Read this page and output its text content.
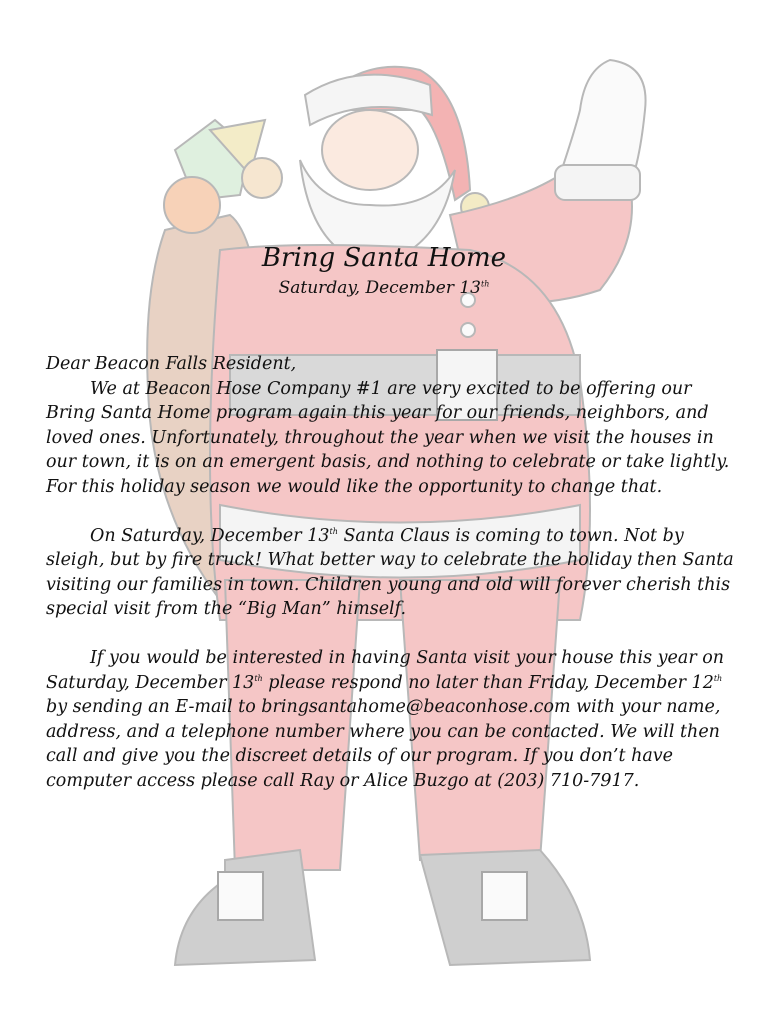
Bring Santa Home
Saturday, December 13th

Dear Beacon Falls Resident,

We at Beacon Hose Company #1 are very excited to be offering our Bring Santa Home program again this year for our friends, neighbors, and loved ones. Unfortunately, throughout the year when we visit the houses in our town, it is on an emergent basis, and nothing to celebrate or take lightly. For this holiday season we would like the opportunity to change that.

On Saturday, December 13th Santa Claus is coming to town. Not by sleigh, but by fire truck! What better way to celebrate the holiday then Santa visiting our families in town. Children young and old will forever cherish this special visit from the “Big Man” himself.

If you would be interested in having Santa visit your house this year on Saturday, December 13th please respond no later than Friday, December 12th by sending an E-mail to bringsantahome@beaconhose.com with your name, address, and a telephone number where you can be contacted. We will then call and give you the discreet details of our program. If you don’t have computer access please call Ray or Alice Buzgo at (203) 710-7917.
